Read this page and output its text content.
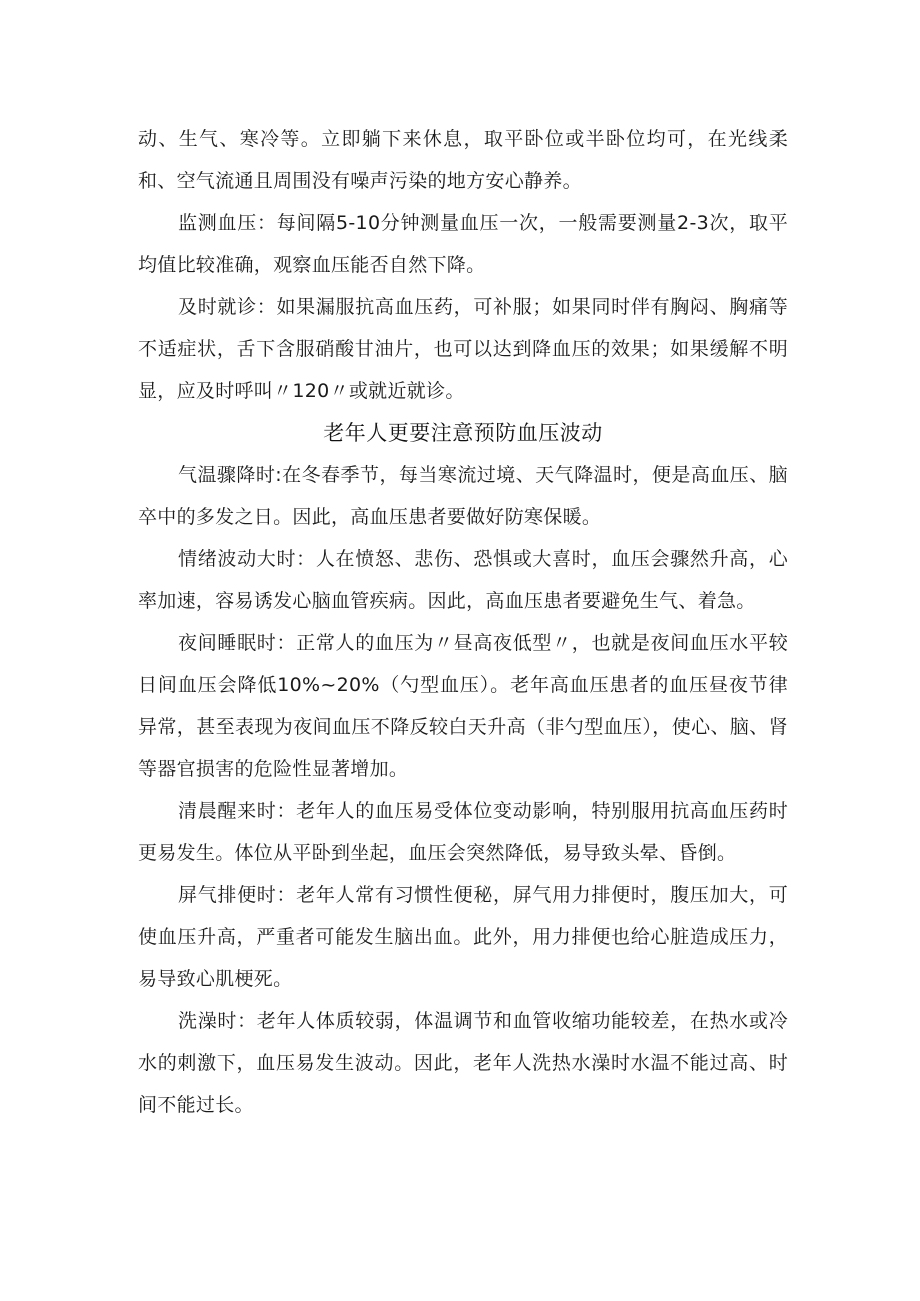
动、生气、寒冷等。立即躺下来休息，取平卧位或半卧位均可，在光线柔和、空气流通且周围没有噪声污染的地方安心静养。

监测血压：每间隔5-10分钟测量血压一次，一般需要测量2-3次，取平均值比较准确，观察血压能否自然下降。

及时就诊：如果漏服抗高血压药，可补服；如果同时伴有胸闷、胸痛等不适症状，舌下含服硝酸甘油片，也可以达到降血压的效果；如果缓解不明显，应及时呼叫〃120〃或就近就诊。

老年人更要注意预防血压波动

气温骤降时:在冬春季节，每当寒流过境、天气降温时，便是高血压、脑卒中的多发之日。因此，高血压患者要做好防寒保暖。

情绪波动大时：人在愤怒、悲伤、恐惧或大喜时，血压会骤然升高，心率加速，容易诱发心脑血管疾病。因此，高血压患者要避免生气、着急。

夜间睡眠时：正常人的血压为〃昼高夜低型〃，也就是夜间血压水平较日间血压会降低10%~20%（勺型血压）。老年高血压患者的血压昼夜节律异常，甚至表现为夜间血压不降反较白天升高（非勺型血压），使心、脑、肾等器官损害的危险性显著增加。

清晨醒来时：老年人的血压易受体位变动影响，特别服用抗高血压药时更易发生。体位从平卧到坐起，血压会突然降低，易导致头晕、昏倒。

屏气排便时：老年人常有习惯性便秘，屏气用力排便时，腹压加大，可使血压升高，严重者可能发生脑出血。此外，用力排便也给心脏造成压力，易导致心肌梗死。

洗澡时：老年人体质较弱，体温调节和血管收缩功能较差，在热水或冷水的刺激下，血压易发生波动。因此，老年人洗热水澡时水温不能过高、时间不能过长。
